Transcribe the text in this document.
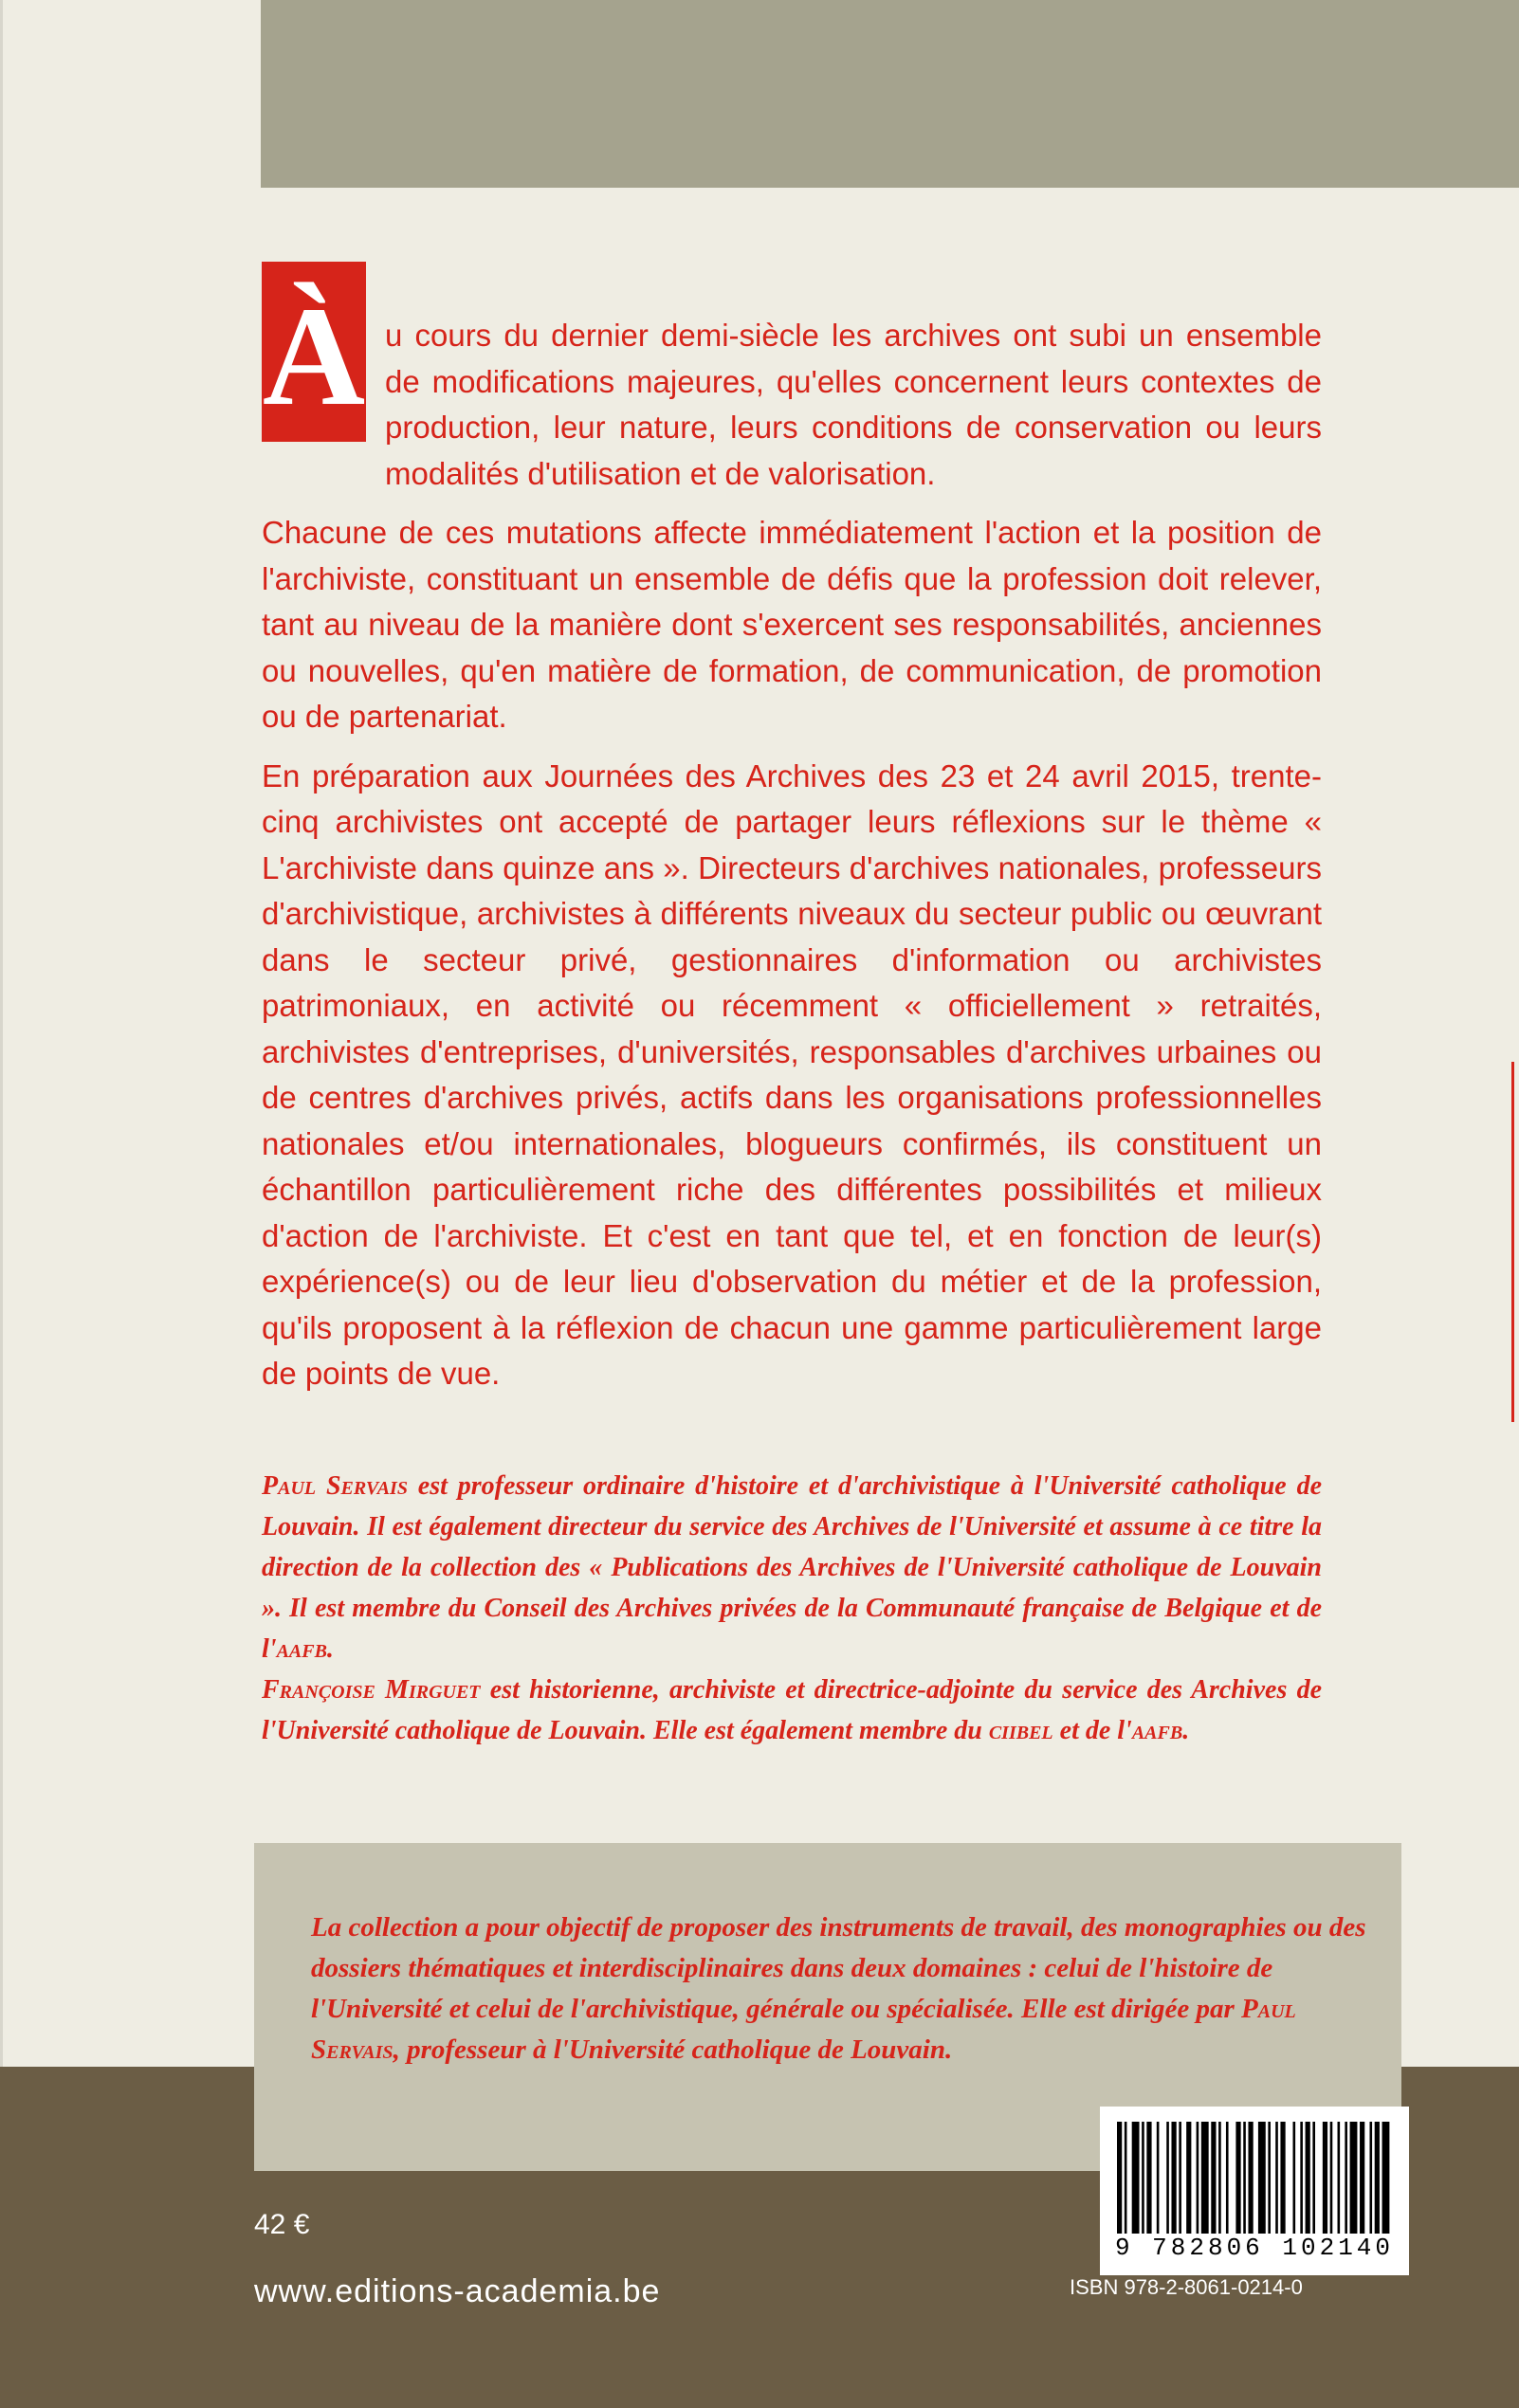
À u cours du dernier demi-siècle les archives ont subi un ensemble de modifications majeures, qu'elles concernent leurs contextes de production, leur nature, leurs conditions de conservation ou leurs modalités d'utilisation et de valorisation.

Chacune de ces mutations affecte immédiatement l'action et la position de l'archiviste, constituant un ensemble de défis que la profession doit relever, tant au niveau de la manière dont s'exercent ses responsabilités, anciennes ou nouvelles, qu'en matière de formation, de communication, de promotion ou de partenariat.

En préparation aux Journées des Archives des 23 et 24 avril 2015, trente-cinq archivistes ont accepté de partager leurs réflexions sur le thème « L'archiviste dans quinze ans ». Directeurs d'archives nationales, professeurs d'archivistique, archivistes à différents niveaux du secteur public ou œuvrant dans le secteur privé, gestionnaires d'information ou archivistes patrimoniaux, en activité ou récemment « officiellement » retraités, archivistes d'entreprises, d'universités, responsables d'archives urbaines ou de centres d'archives privés, actifs dans les organisations professionnelles nationales et/ou internationales, blogueurs confirmés, ils constituent un échantillon particulièrement riche des différentes possibilités et milieux d'action de l'archiviste. Et c'est en tant que tel, et en fonction de leur(s) expérience(s) ou de leur lieu d'observation du métier et de la profession, qu'ils proposent à la réflexion de chacun une gamme particulièrement large de points de vue.

Paul Servais est professeur ordinaire d'histoire et d'archivistique à l'Université catholique de Louvain. Il est également directeur du service des Archives de l'Université et assume à ce titre la direction de la collection des « Publications des Archives de l'Université catholique de Louvain ». Il est membre du Conseil des Archives privées de la Communauté française de Belgique et de l'aafb.

Françoise Mirguet est historienne, archiviste et directrice-adjointe du service des Archives de l'Université catholique de Louvain. Elle est également membre du ciibel et de l'aafb.

La collection a pour objectif de proposer des instruments de travail, des monographies ou des dossiers thématiques et interdisciplinaires dans deux domaines : celui de l'histoire de l'Université et celui de l'archivistique, générale ou spécialisée. Elle est dirigée par Paul Servais, professeur à l'Université catholique de Louvain.

42 €
www.editions-academia.be
9 782806 102140
ISBN 978-2-8061-0214-0
